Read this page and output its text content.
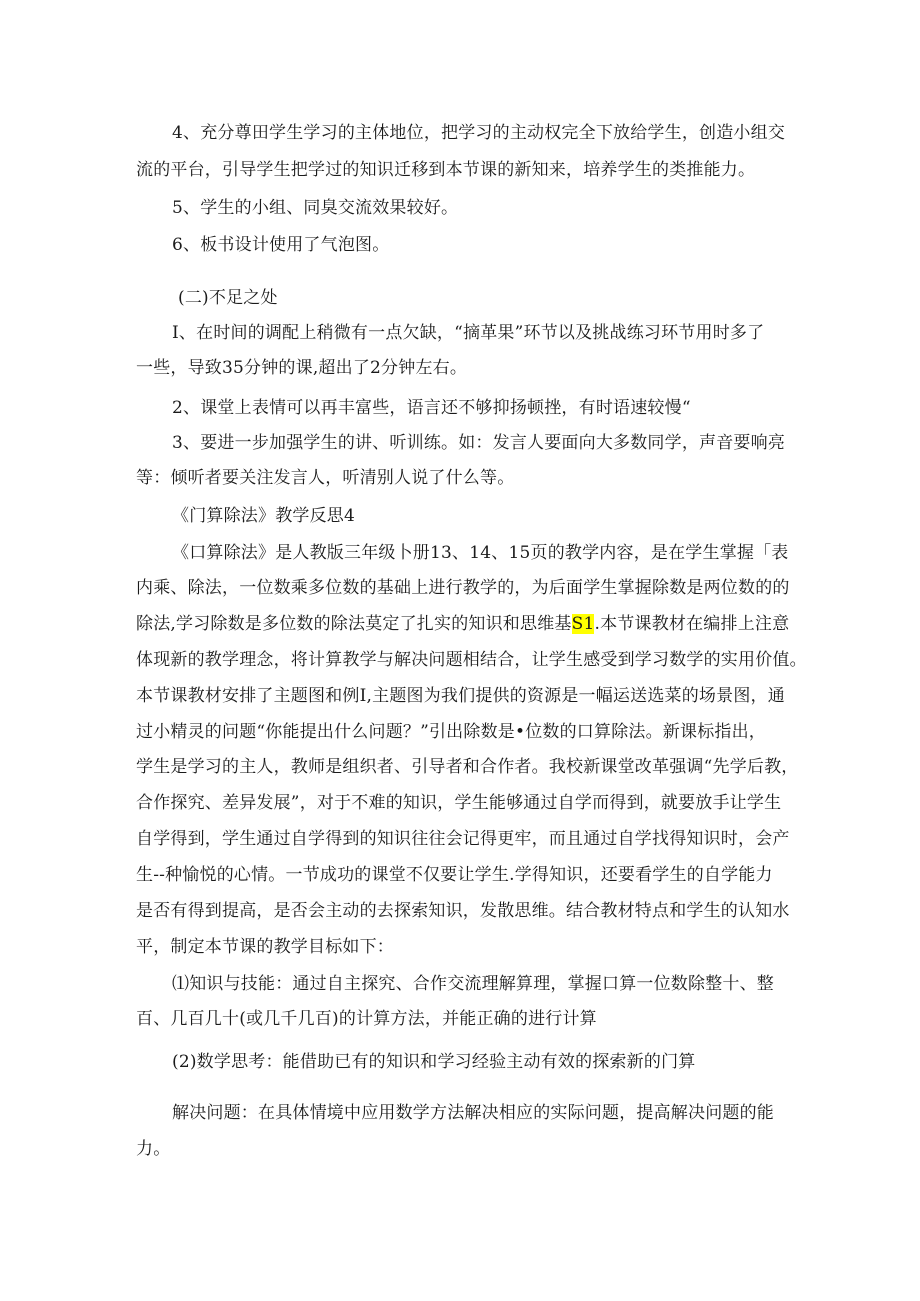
4、充分尊田学生学习的主体地位，把学习的主动权完全下放给学生，创造小组交
流的平台，引导学生把学过的知识迁移到本节课的新知来，培养学生的类推能力。
5、学生的小组、同臭交流效果较好。
6、板书设计使用了气泡图。
(二)不足之处
I、在时间的调配上稍微有一点欠缺，“摘革果”环节以及挑战练习环节用时多了
一些，导致35分钟的课,超出了2分钟左右。
2、课堂上表情可以再丰富些，语言还不够抑扬顿挫，有时语速较慢“
3、要进一步加强学生的讲、听训练。如：发言人要面向大多数同学，声音要响亮
等：倾听者要关注发言人，听清别人说了什么等。
《门算除法》教学反思4
《口算除法》是人教版三年级卜册13、14、15页的教学内容，是在学生掌握「表
内乘、除法，一位数乘多位数的基础上进行教学的，为后面学生掌握除数是两位数的的
除法,学习除数是多位数的除法莫定了扎实的知识和思维基S1.本节课教材在编排上注意
体现新的教学理念，将计算教学与解决问题相结合，让学生感受到学习数学的实用价值。
本节课教材安排了主题图和例I,主题图为我们提供的资源是一幅运送选菜的场景图，通
过小精灵的问题“你能提出什么问题？”引出除数是•位数的口算除法。新课标指出，
学生是学习的主人，教师是组织者、引导者和合作者。我校新课堂改革强调“先学后教，
合作探究、差异发展”，对于不难的知识，学生能够通过自学而得到，就要放手让学生
自学得到，学生通过自学得到的知识往往会记得更牢，而且通过自学找得知识时，会产
生--种愉悦的心情。一节成功的课堂不仅要让学生.学得知识，还要看学生的自学能力
是否有得到提高，是否会主动的去探索知识，发散思维。结合教材特点和学生的认知水
平，制定本节课的教学目标如下：
⑴知识与技能：通过自主探究、合作交流理解算理，掌握口算一位数除整十、整
百、几百几十(或几千几百)的计算方法，并能正确的进行计算
(2)数学思考：能借助已有的知识和学习经验主动有效的探索新的门算
解决问题：在具体情境中应用数学方法解决相应的实际问题，提高解决问题的能
力。
